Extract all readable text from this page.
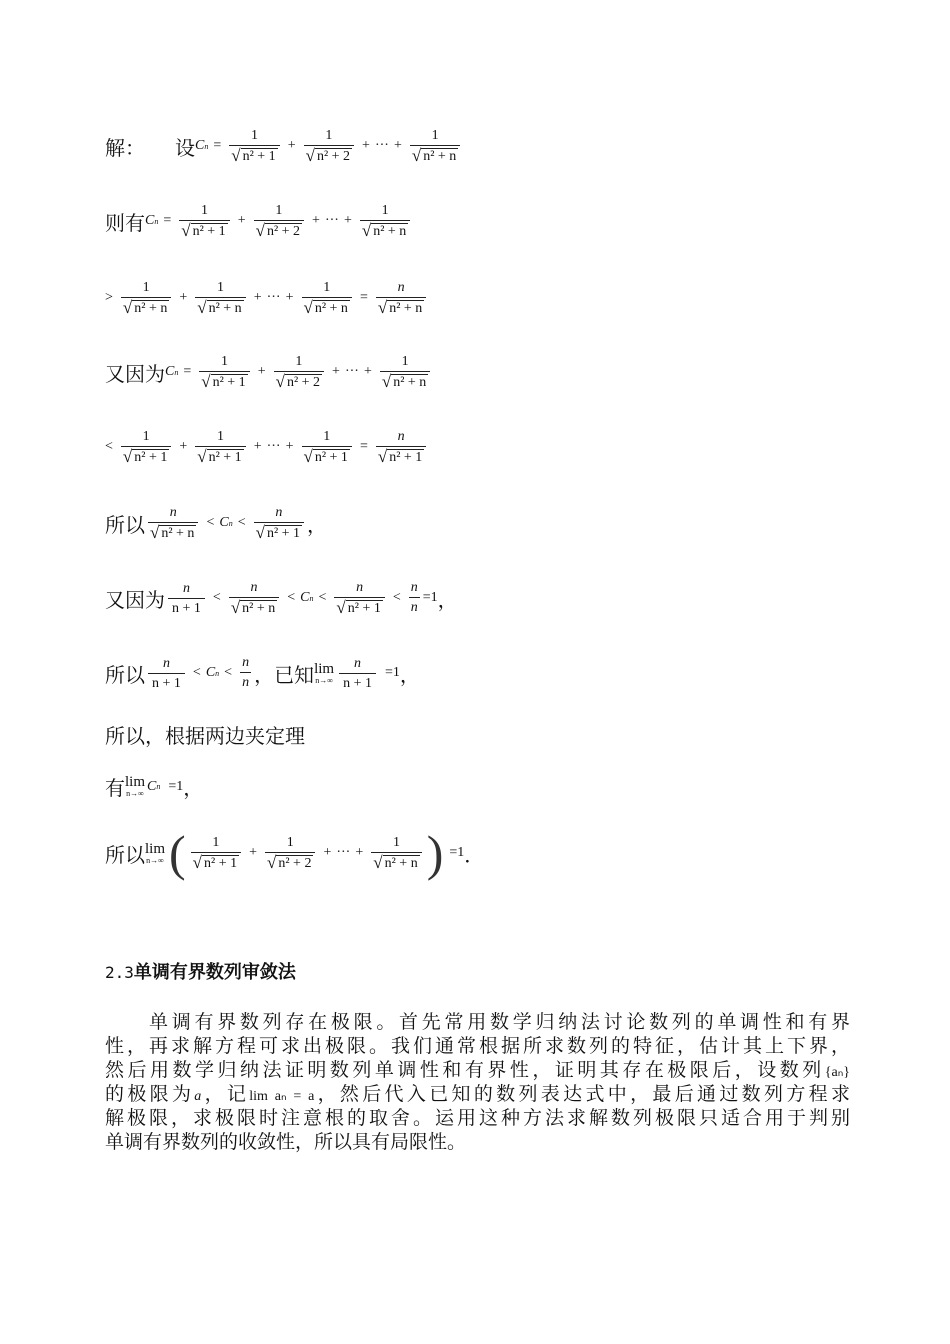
解： 设 C $n = \frac{1}{\text{√ n² + 1}} + \frac{1}{\text{√ n² + 2}}$ + ··· + $\frac{1}{\text{√ n² + n}}$
则有 C $n = \frac{1}{\text{√ n² + 1}} + \frac{1}{\text{√ n² + 2}}$ + ··· + $\frac{1}{\text{√ n² + n}}$
> $\frac{1}{\text{√ n² + n}} + \frac{1}{\text{√ n² + n}}$ + ··· + $\frac{1}{\text{√ n² + n}} = \frac{n}{\text{√ n² + n}}$
又因为 C $n = \frac{1}{\text{√ n² + 1}} + \frac{1}{\text{√ n² + 2}}$ + ··· + $\frac{1}{\text{√ n² + n}}$
< $\frac{1}{\text{√ n² + 1}} + \frac{1}{\text{√ n² + 1}}$ + ··· + $\frac{1}{\text{√ n² + 1}} = \frac{n}{\text{√ n² + 1}}$
所以 $\frac{n}{\text{√ n² + n}} < C$ $n < \frac{n}{\text{√ n² + 1}}$ ，
又因为 $\frac{n}{n + 1} < \frac{n}{\text{√ n² + n}} < C$ $n < \frac{n}{\text{√ n² + 1}} < \frac{n}{n} =1$ ，
所以 $\frac{n}{n + 1} < C$ $n < \frac{n}{n}$ ， 已知 lim
$n\to\infty \frac{n}{n + 1} =1$ ，
所以，根据两边夹定理
有 lim
n→∞ C n =1 ，
所以 lim
n→∞ ( $\frac{1}{\text{√ n² + 1}} + \frac{1}{\text{√ n² + 2}}$ + ··· + $\frac{1}{\text{√ n² + n}}$ ) =1 ．
2.3 单调有界数列审敛法
单调有界数列存在极限。首先常用数学归纳法讨论数列的单调性和有界
性，再求解方程可求出极限。我们通常根据所求数列的特征，估计其上下界，
然后用数学归纳法证明数列单调性和有界性，证明其存在极限后，设数列{aₙ}
的极限为a，记lim aₙ = a，然后代入已知的数列表达式中，最后通过数列方程求
解极限，求极限时注意根的取舍。运用这种方法求解数列极限只适合用于判别
单调有界数列的收敛性，所以具有局限性。
